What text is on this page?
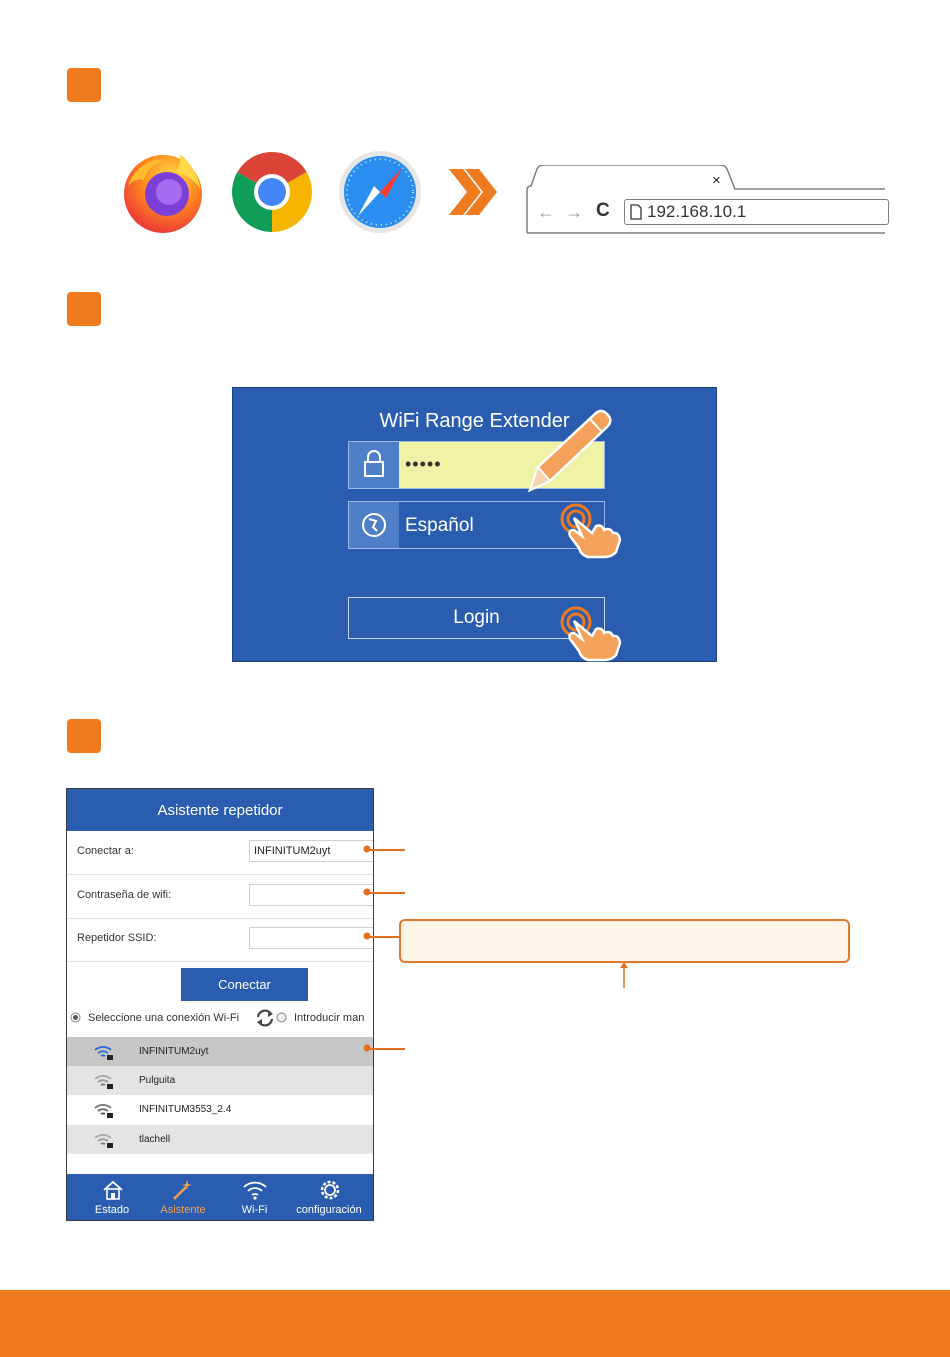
×
← → C 192.168.10.1
WiFi Range Extender
•••••
Español
Login
Asistente repetidor
Conectar a:	INFINITUM2uyt
Contraseña de wifi:
Repetidor SSID:
Conectar
Seleccione una conexión Wi-Fi	Introducir man
INFINITUM2uyt
Pulguita
INFINITUM3553_2.4
tlachell
Estado	Asistente	Wi-Fi	configuración
